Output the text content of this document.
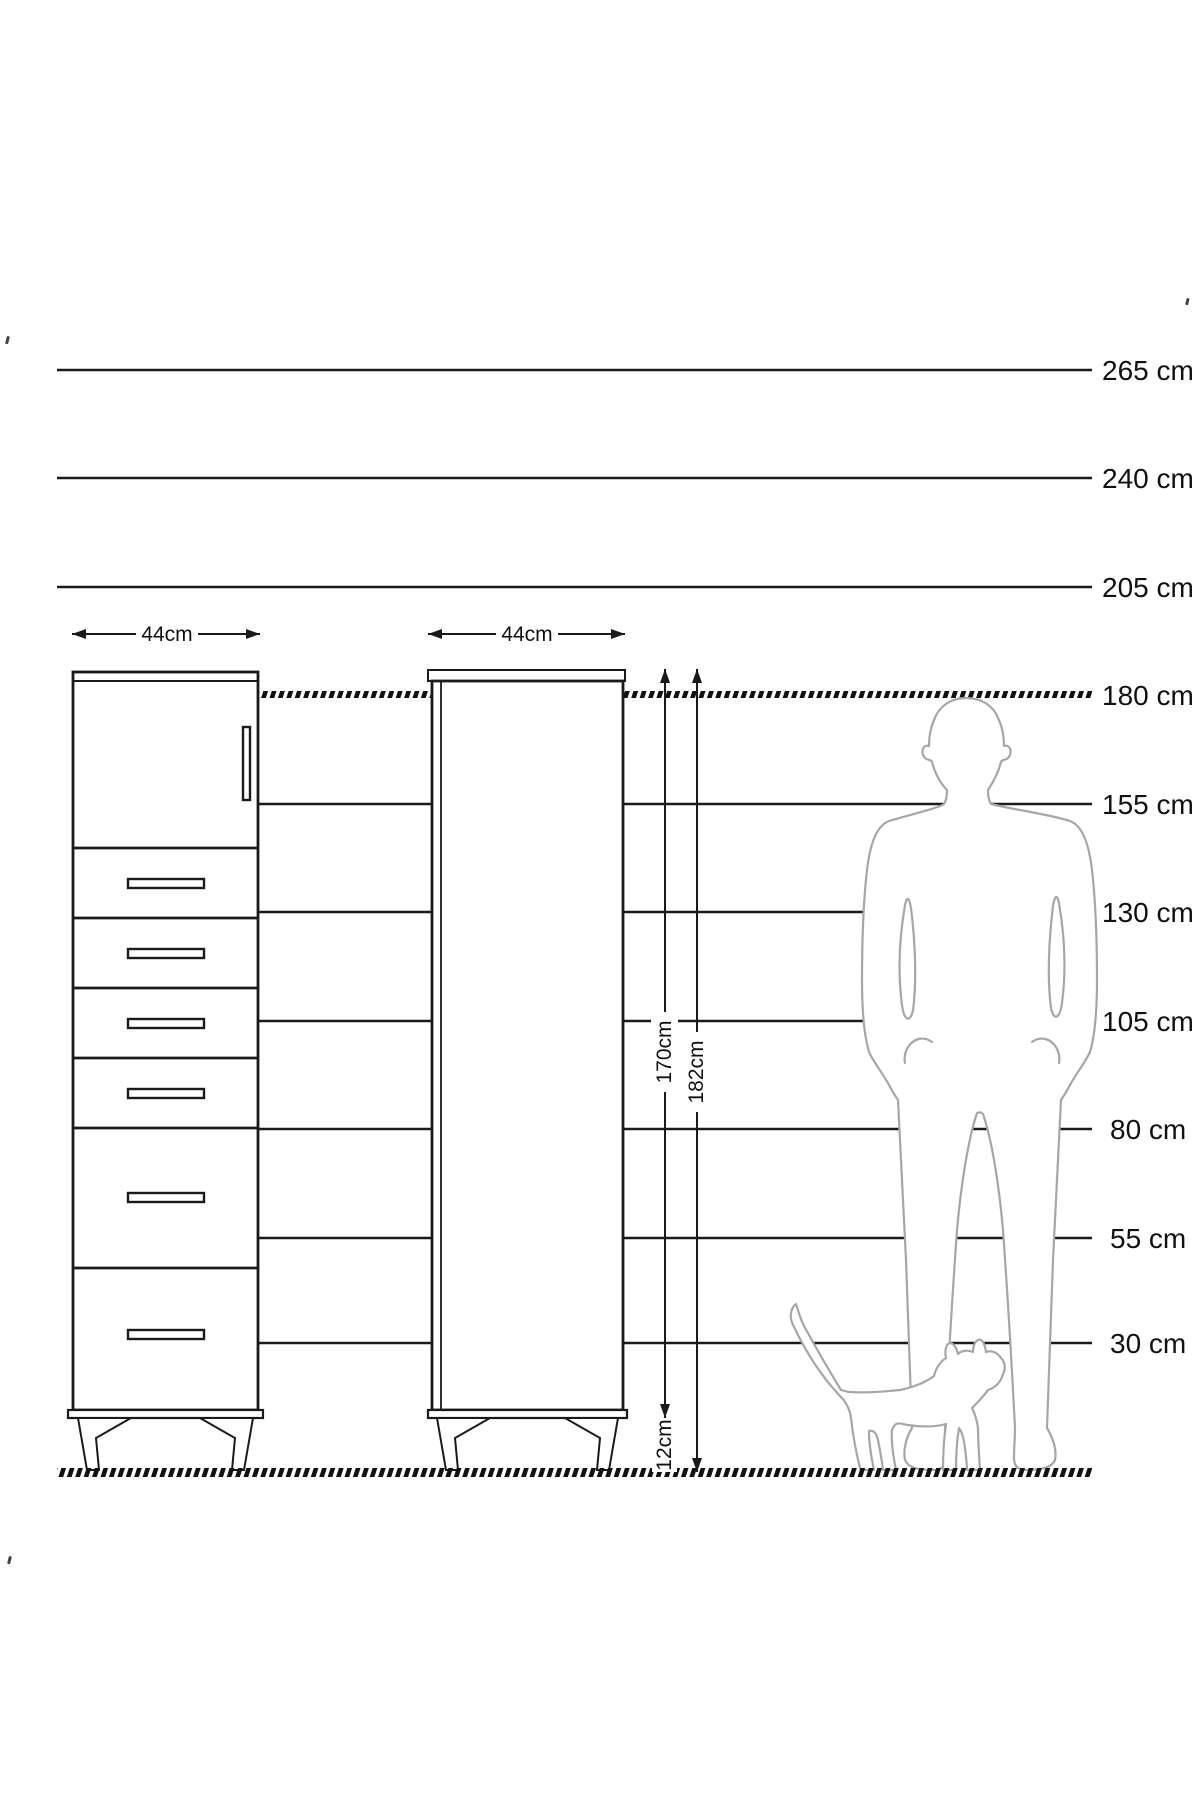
265 cm
240 cm
205 cm
180 cm
155 cm
130 cm
105 cm
80 cm
55 cm
30 cm
44cm	44cm
170cm 182cm
12cm
